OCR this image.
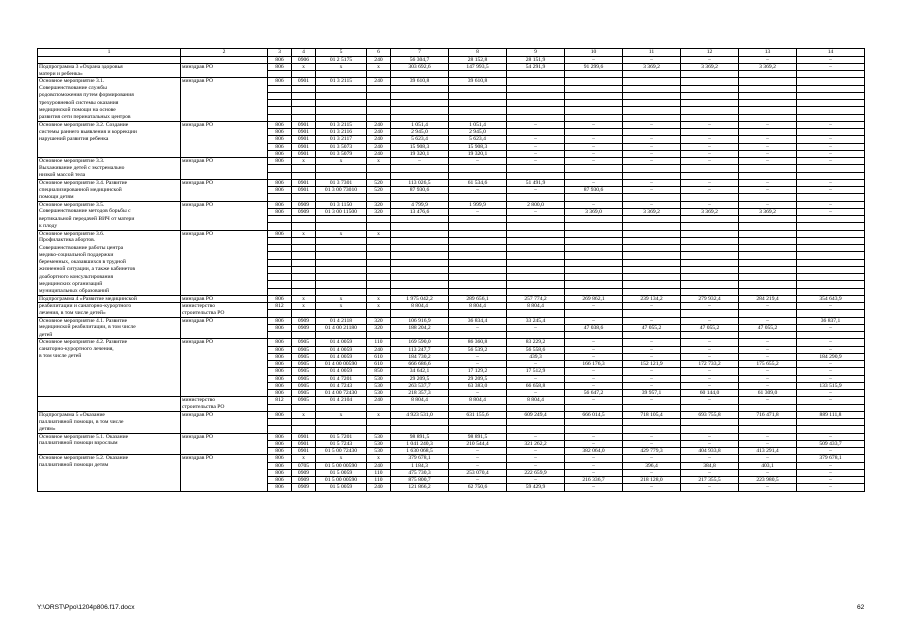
1	2	3	4	5	6	7	8	9	10	11	12	13	14
		806	0906	01 2 5175	240	56 304,7	28 152,8	28 151,9	–	–	–	–	–
Подпрограмма 3 «Охрана здоровья	минздрав РО	806	х	х	х	303 692,6	147 993,5	54 291,9	91 299,6	3 369,2	3 369,2	3 369,2	–
матери и ребенка»													
Основное мероприятие 3.1.	минздрав РО	806	0901	01 3 2115	240	39 610,8	39 610,8						
Совершенствование службы													
родовспоможения путем формирования													
трехуровневой системы оказания													
медицинской помощи на основе													
развития сети перинатальных центров													
Основное мероприятие 3.2. Создание	минздрав РО	806	0901	01 3 2115	240	1 051,4	1 051,4	–	–	–	–	–	–
системы раннего выявления и коррекции		806	0901	01 3 2116	240	2 945,0	2 945,0						
нарушений развития ребенка		806	0901	01 3 2117	240	5 623,4	5 623,4	–	–	–	–	–	–
		806	0901	01 3 5073	240	15 908,3	15 908,3	–	–	–	–	–	–
		806	0901	01 3 5079	240	19 320,1	19 320,1	–	–	–	–	–	–
Основное мероприятие 3.3.	минздрав РО	806	х	х	х	–	–	–	–	–	–	–	–
Выхаживание детей с экстремально													
низкой массой тела													
Основное мероприятие 3.4. Развитие	минздрав РО	806	0901	01 3 7301	520	113 026,5	61 534,6	51 491,9	–	–	–	–	–
специализированной медицинской		806	0901	01 3 00 73010	520	87 930,6	–	–	87 930,6	–	–	–	–
помощи детям													
Основное мероприятие 3.5.	минздрав РО	806	0909	01 3 1150	320	4 799,9	1 999,9	2 800,0	–	–	–	–	–
Совершенствование методов борьбы с		806	0909	01 3 00 11500	320	13 476,6	–	–	3 369,0	3 369,2	3 369,2	3 369,2	–
вертикальной передачей ВИЧ от матери													
к плоду													
Основное мероприятие 3.6.	минздрав РО	806	х	х	х								
Профилактика абортов.													
Совершенствование работы центра													
медико-социальной поддержки													
беременных, оказавшихся в трудной													
жизненной ситуации, а также кабинетов													
доабортного консультирования													
медицинских организаций													
муниципальных образований													
Подпрограмма 4 «Развитие медицинской	минздрав РО	806	х	х	х	1 975 042,2	289 656,1	257 774,2	269 862,1	239 134,2	279 932,4	284 219,4	354 643,9
реабилитации и санаторно-курортного	министерство	812	х	х	х	8 804,4	8 804,4	8 804,4	–	–	–	–	–
лечения, в том числе детей»	строительства РО												
Основное мероприятие 4.1. Развитие	минздрав РО	806	0909	01 4 2118	320	106 916,9	36 834,4	33 245,4	–	–	–	–	36 837,1
медицинской реабилитации, в том числе		806	0909	01 4 00 21180	320	188 204,2	–	–	47 038,6	47 055,2	47 055,2	47 055,2	–
детей													
Основное мероприятие 4.2. Развитие	минздрав РО	806	0905	01 4 0059	110	169 590,0	86 360,8	83 229,2	–	–	–	–	–
санаторно-курортного лечения,		806	0905	01 4 0059	240	113 247,7	56 539,2	56 558,6	–	–	–	–	–
в том числе детей		806	0905	01 4 0059	610	184 730,2	–	439,3	–	–	–	–	184 290,9
		806	0905	01 4 00 00590	610	666 686,6	–	–	166 176,3	152 121,9	172 733,2	175 655,2	–
		806	0905	01 4 0059	850	34 642,1	17 129,2	17 512,9	–	–	–	–	–
		806	0905	01 4 7201	530	29 209,5	29 209,5	–	–	–	–	–	–
		806	0905	01 4 7243	530	263 537,7	63 383,0	66 658,8	–	–	–	–	133 515,9
		806	0905	01 4 00 72430	530	218 357,3	–	–	56 647,2	39 957,1	60 144,0	61 309,0	–
	министерство	812	0905	01 4 2104	240	8 804,4	8 804,4	8 804,4	–	–	–	–	–
	строительства РО												
Подпрограмма 5 «Оказание	минздрав РО	806	х	х	х	4 923 531,0	631 155,6	609 249,4	666 014,5	718 105,4	693 755,8	716 471,8	889 111,8
паллиативной помощи, в том числе													
детям»													
Основное мероприятие 5.1. Оказание	минздрав РО	806	0901	01 5 7201	530	98 891,5	98 891,5	–	–	–	–	–	–
паллиативной помощи взрослым		806	0901	01 5 7243	530	1 041 240,3	210 544,4	321 262,2	–	–	–	–	509 433,7
		806	0901	01 5 00 72430	530	1 630 068,5	–	–	382 064,0	429 779,3	404 933,8	413 291,4	–
Основное мероприятие 5.2. Оказание	минздрав РО	806	х	х	х	379 678,1	–	–	–	–	–	–	379 678,1
паллиативной помощи детям		806	0705	01 5 00 00590	240	1 184,3	–	–	–	396,4	384,8	403,1	–
		806	0909	01 5 0059	110	475 730,3	253 070,4	222 659,9	–	–	–	–	–
		806	0909	01 5 00 00590	110	875 800,7	–	–	216 336,7	218 128,0	217 355,5	223 980,5	–
		806	0909	01 5 0059	240	121 866,2	62 750,6	59 429,9	–	–	–	–	–
Y:\ORST\Ppo\1204p806.f17.docx	62
